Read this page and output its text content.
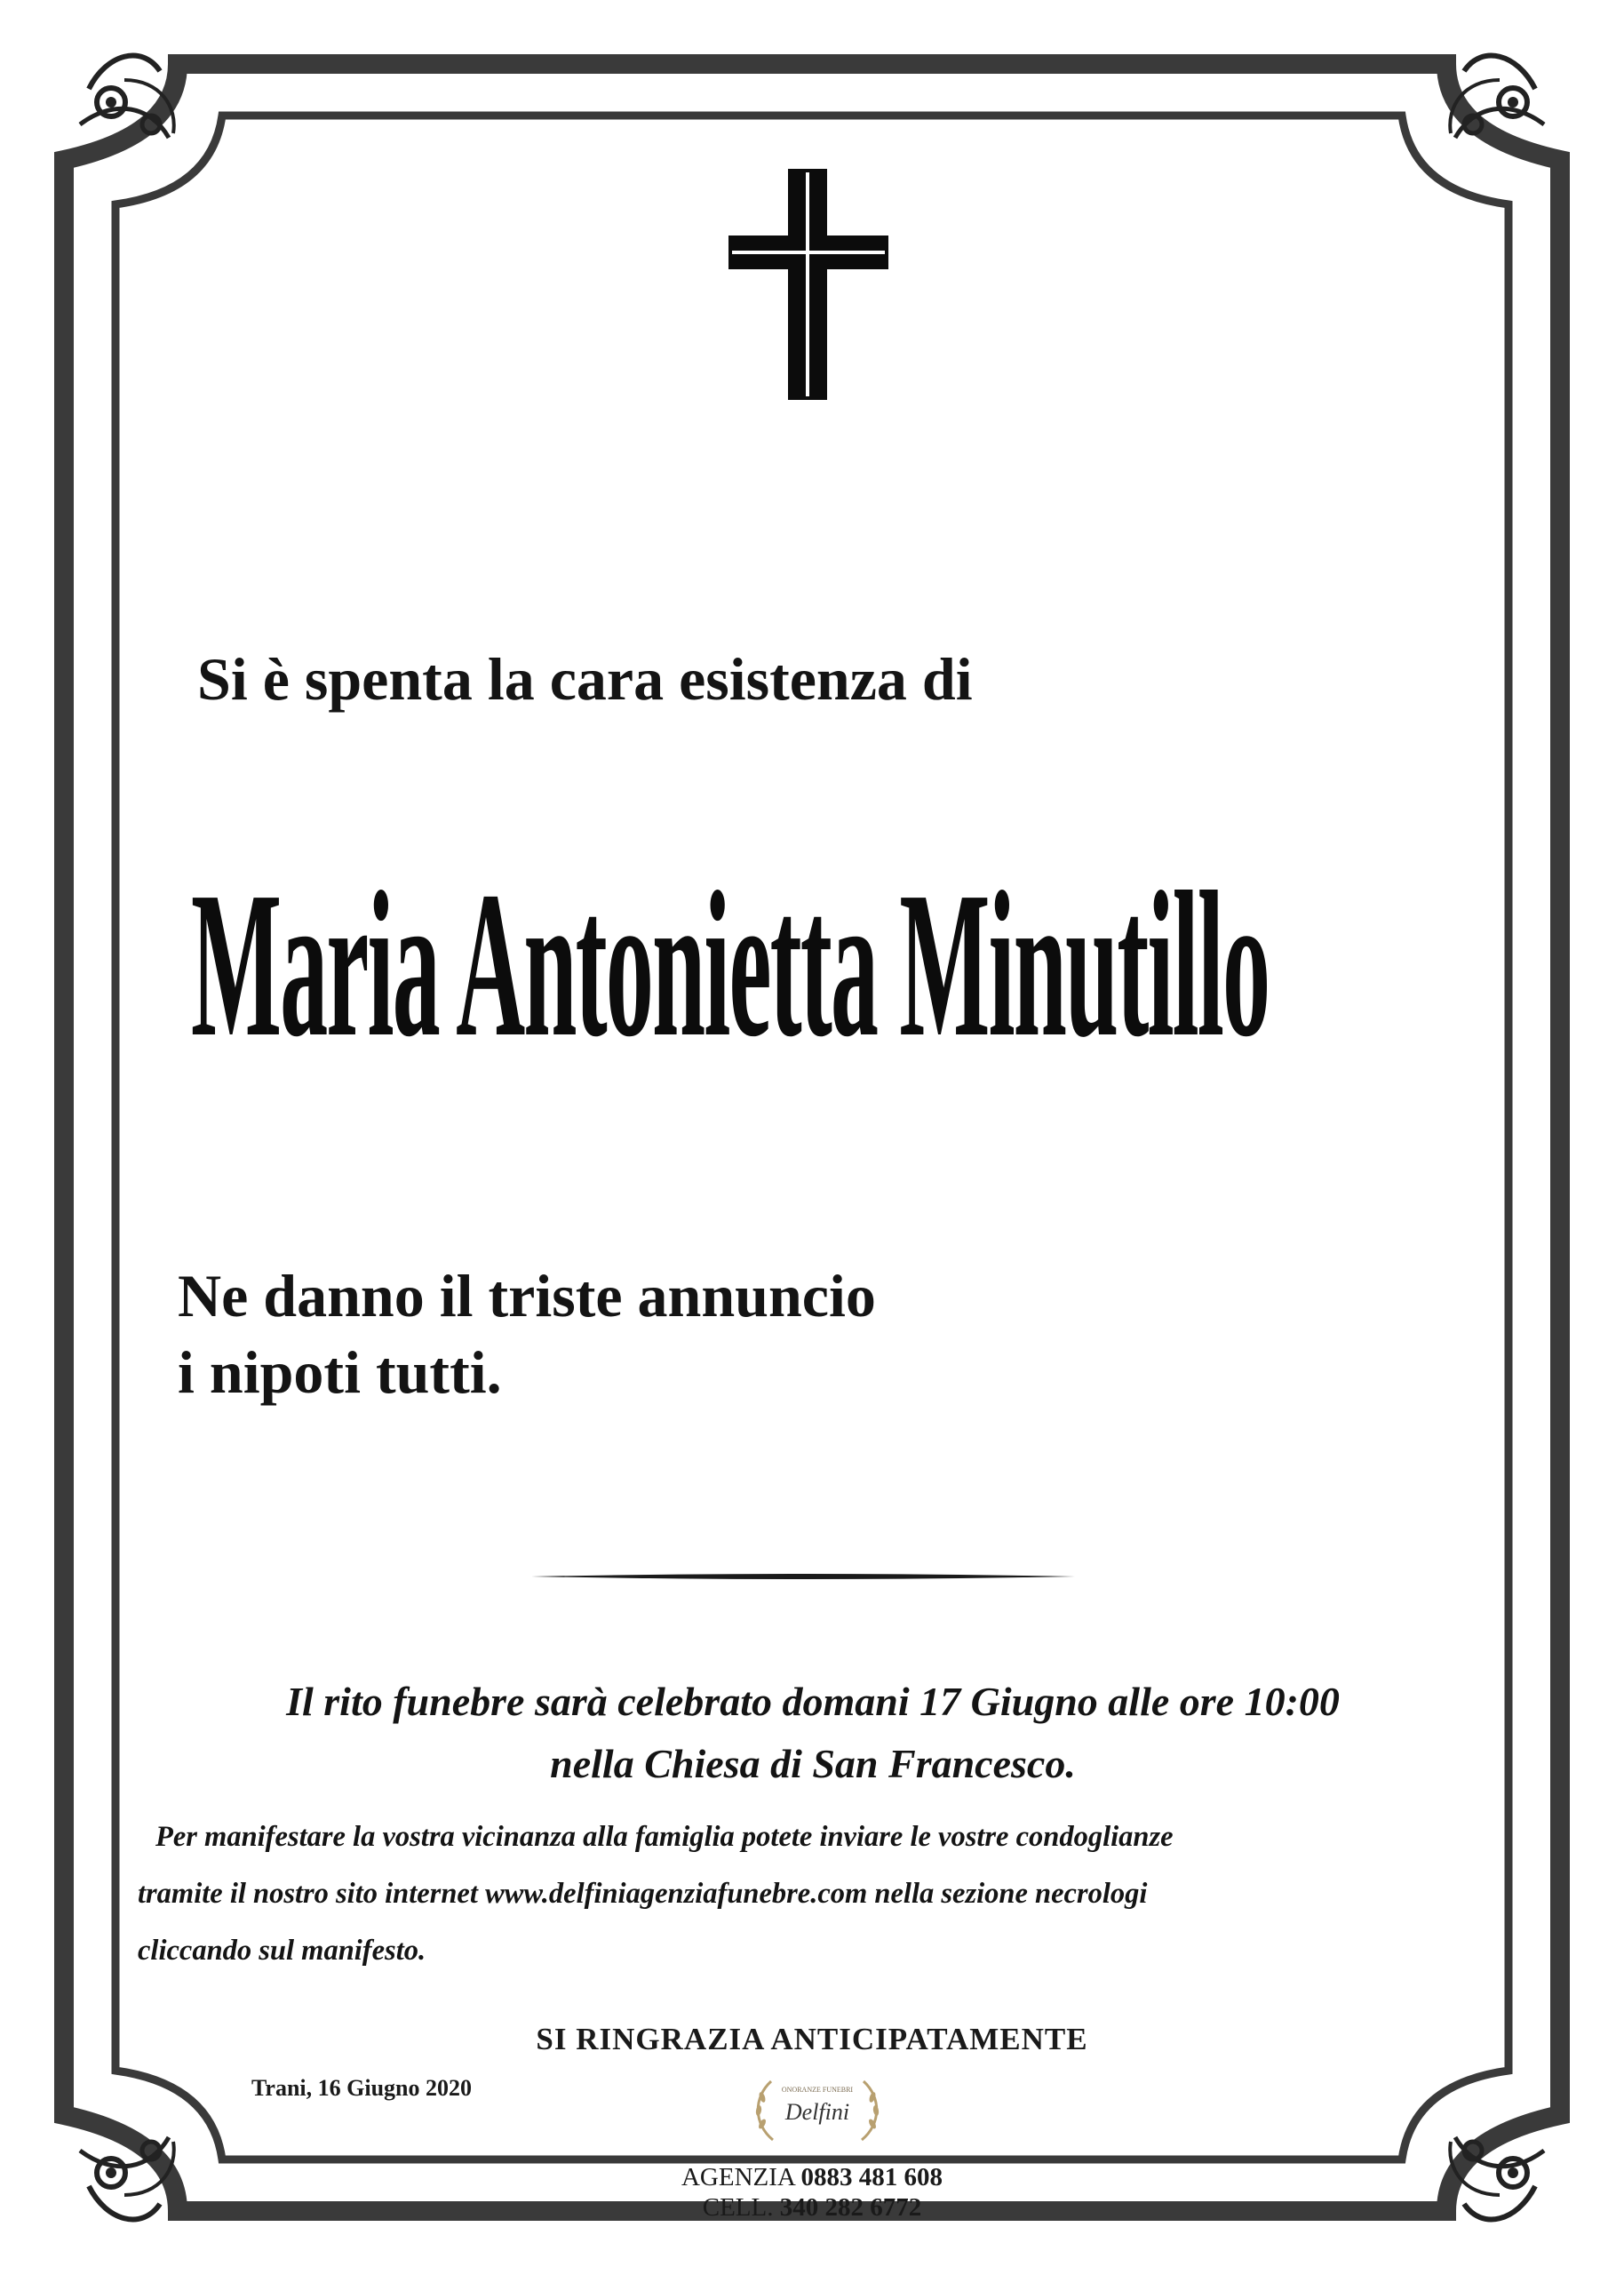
Si è spenta la cara esistenza di
Maria Antonietta Minutillo
Ne danno il triste annuncio
i nipoti tutti.
Il rito funebre sarà celebrato domani 17 Giugno alle ore 10:00
nella Chiesa di San Francesco.
Per manifestare la vostra vicinanza alla famiglia potete inviare le vostre condoglianze
tramite il nostro sito internet www.delfiniagenziafunebre.com nella sezione necrologi
cliccando sul manifesto.
SI RINGRAZIA ANTICIPATAMENTE
Trani, 16 Giugno 2020	ONORANZE FUNEBRI
Delfini
AGENZIA 0883 481 608
CELL. 340 282 6772
